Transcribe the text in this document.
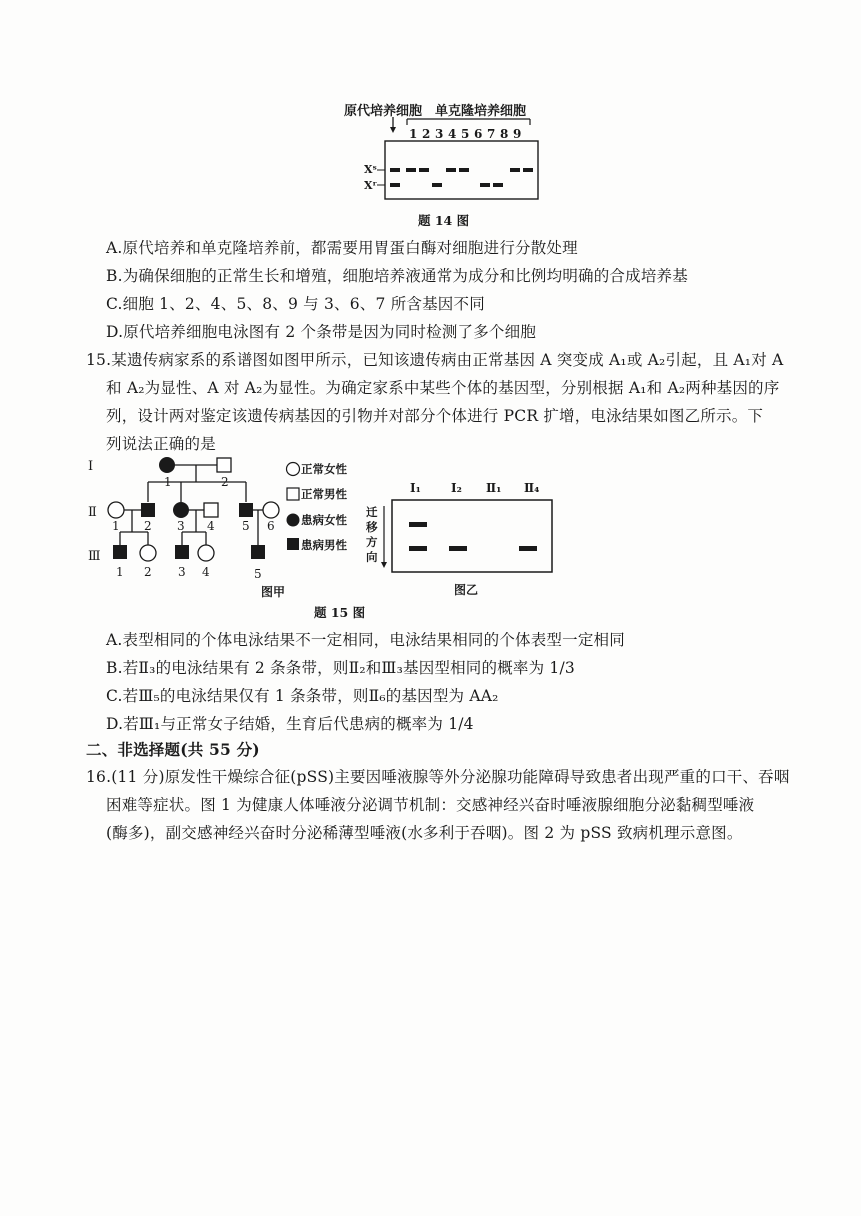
原代培养细胞 单克隆培养细胞
1 2 3 4 5 6 7 8 9
Xˢ
Xʳ
题 14 图
A.原代培养和单克隆培养前，都需要用胃蛋白酶对细胞进行分散处理
B.为确保细胞的正常生长和增殖，细胞培养液通常为成分和比例均明确的合成培养基
C.细胞 1、2、4、5、8、9 与 3、6、7 所含基因不同
D.原代培养细胞电泳图有 2 个条带是因为同时检测了多个细胞
15.某遗传病家系的系谱图如图甲所示，已知该遗传病由正常基因 A 突变成 A₁或 A₂引起，且 A₁对 A
和 A₂为显性、A 对 A₂为显性。为确定家系中某些个体的基因型，分别根据 A₁和 A₂两种基因的序
列，设计两对鉴定该遗传病基因的引物并对部分个体进行 PCR 扩增，电泳结果如图乙所示。下
列说法正确的是
Ⅰ
Ⅱ
Ⅲ
1	2
1 2 3 4 5 6
1 2 3 4	5
正常女性
正常男性
患病女性
患病男性
图甲
Ⅰ₁	Ⅰ₂ Ⅱ₁ Ⅱ₄
迁
移
方
向
图乙
题 15 图
A.表型相同的个体电泳结果不一定相同，电泳结果相同的个体表型一定相同
B.若Ⅱ₃的电泳结果有 2 条条带，则Ⅱ₂和Ⅲ₃基因型相同的概率为 1/3
C.若Ⅲ₅的电泳结果仅有 1 条条带，则Ⅱ₆的基因型为 AA₂
D.若Ⅲ₁与正常女子结婚，生育后代患病的概率为 1/4
二、非选择题(共 55 分)
16.(11 分)原发性干燥综合征(pSS)主要因唾液腺等外分泌腺功能障碍导致患者出现严重的口干、吞咽
困难等症状。图 1 为健康人体唾液分泌调节机制：交感神经兴奋时唾液腺细胞分泌黏稠型唾液
(酶多)，副交感神经兴奋时分泌稀薄型唾液(水多利于吞咽)。图 2 为 pSS 致病机理示意图。
